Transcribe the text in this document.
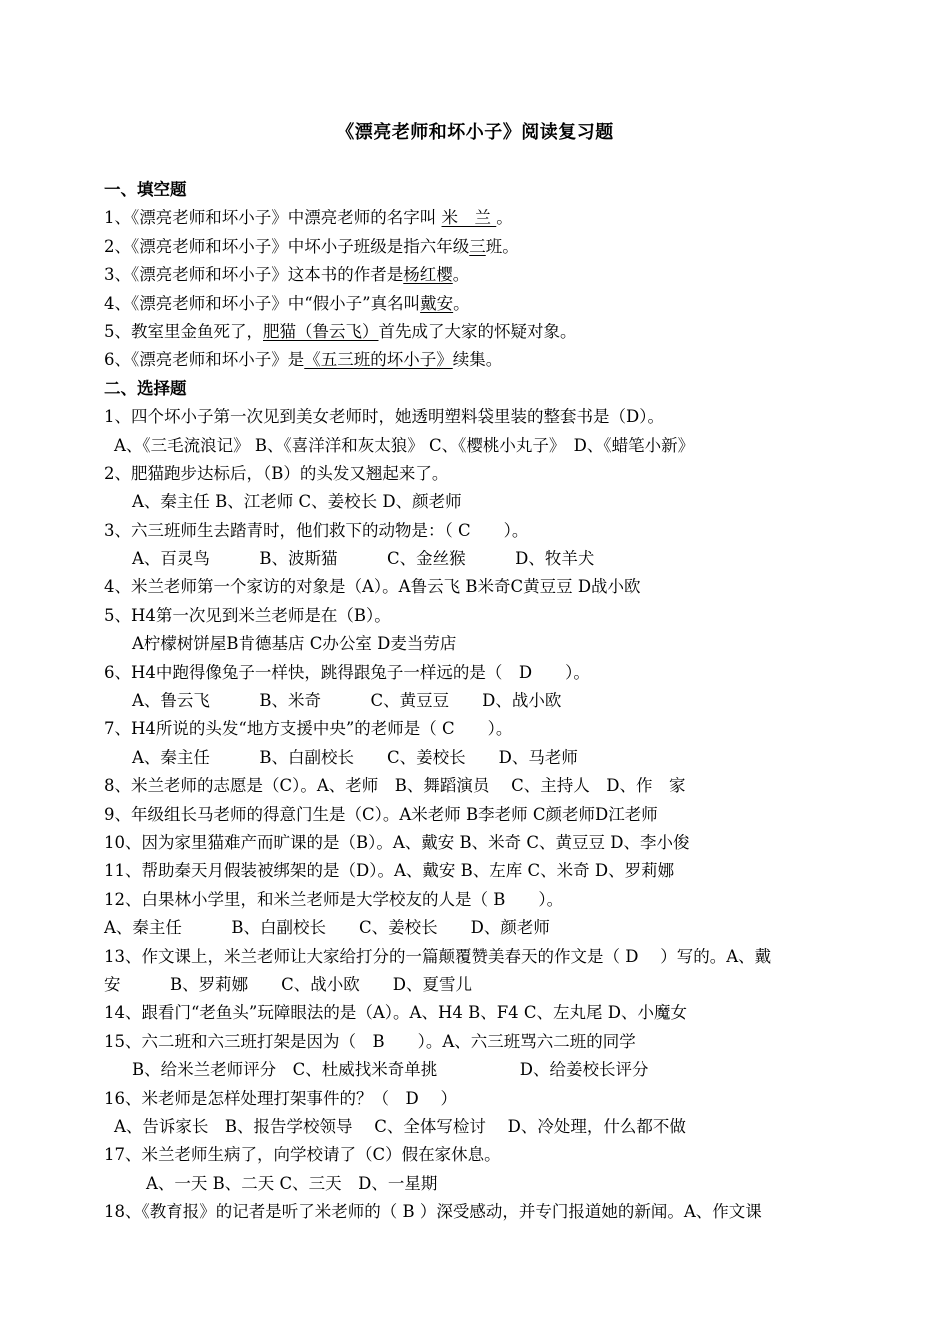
《漂亮老师和坏小子》阅读复习题
一、填空题
1、《漂亮老师和坏小子》中漂亮老师的名字叫 米　兰 。
2、《漂亮老师和坏小子》中坏小子班级是指六年级三班。
3、《漂亮老师和坏小子》这本书的作者是杨红樱。
4、《漂亮老师和坏小子》中“假小子”真名叫戴安。
5、教室里金鱼死了，肥猫（鲁云飞）首先成了大家的怀疑对象。
6、《漂亮老师和坏小子》是《五三班的坏小子》续集。
二、选择题
1、四个坏小子第一次见到美女老师时，她透明塑料袋里装的整套书是（D）。
A、《三毛流浪记》 B、《喜洋洋和灰太狼》 C、《樱桃小丸子》　D、《蜡笔小新》
2、肥猫跑步达标后，（B）的头发又翘起来了。
A、秦主任 B、江老师 C、姜校长 D、颜老师
3、六三班师生去踏青时，他们救下的动物是：（ C　　）。
A、百灵鸟　　　B、波斯猫　　　C、金丝猴　　　D、牧羊犬
4、米兰老师第一个家访的对象是（A）。A鲁云飞 B米奇C黄豆豆 D战小欧
5、H4第一次见到米兰老师是在（B）。
A柠檬树饼屋B肯德基店 C办公室 D麦当劳店
6、H4中跑得像兔子一样快，跳得跟兔子一样远的是（　D　　）。
A、鲁云飞　　　B、米奇　　　C、黄豆豆　　D、战小欧
7、H4所说的头发“地方支援中央”的老师是（ C　　）。
A、秦主任　　　B、白副校长　　C、姜校长　　D、马老师
8、米兰老师的志愿是（C）。A、老师　B、舞蹈演员　 C、主持人　D、作　家
9、年级组长马老师的得意门生是（C）。A米老师 B李老师 C颜老师D江老师
10、因为家里猫难产而旷课的是（B）。A、戴安 B、米奇 C、黄豆豆 D、李小俊
11、帮助秦天月假装被绑架的是（D）。A、戴安 B、左库 C、米奇 D、罗莉娜
12、白果林小学里，和米兰老师是大学校友的人是（ B　　）。
A、秦主任　　　B、白副校长　　C、姜校长　　D、颜老师
13、作文课上，米兰老师让大家给打分的一篇颠覆赞美春天的作文是（ D　 ）写的。A、戴
安　　　B、罗莉娜　　C、战小欧　　D、夏雪儿
14、跟看门“老鱼头”玩障眼法的是（A）。A、H4 B、F4 C、左丸尾 D、小魔女
15、六二班和六三班打架是因为（　B　　）。A、六三班骂六二班的同学
B、给米兰老师评分　C、杜威找米奇单挑　　　　　D、给姜校长评分
16、米老师是怎样处理打架事件的？（　D　 ）
A、告诉家长　B、报告学校领导　 C、全体写检讨　 D、冷处理，什么都不做
17、米兰老师生病了，向学校请了（C）假在家休息。
A、一天 B、二天 C、三天　D、一星期
18、《教育报》的记者是听了米老师的（ B ）深受感动，并专门报道她的新闻。A、作文课
